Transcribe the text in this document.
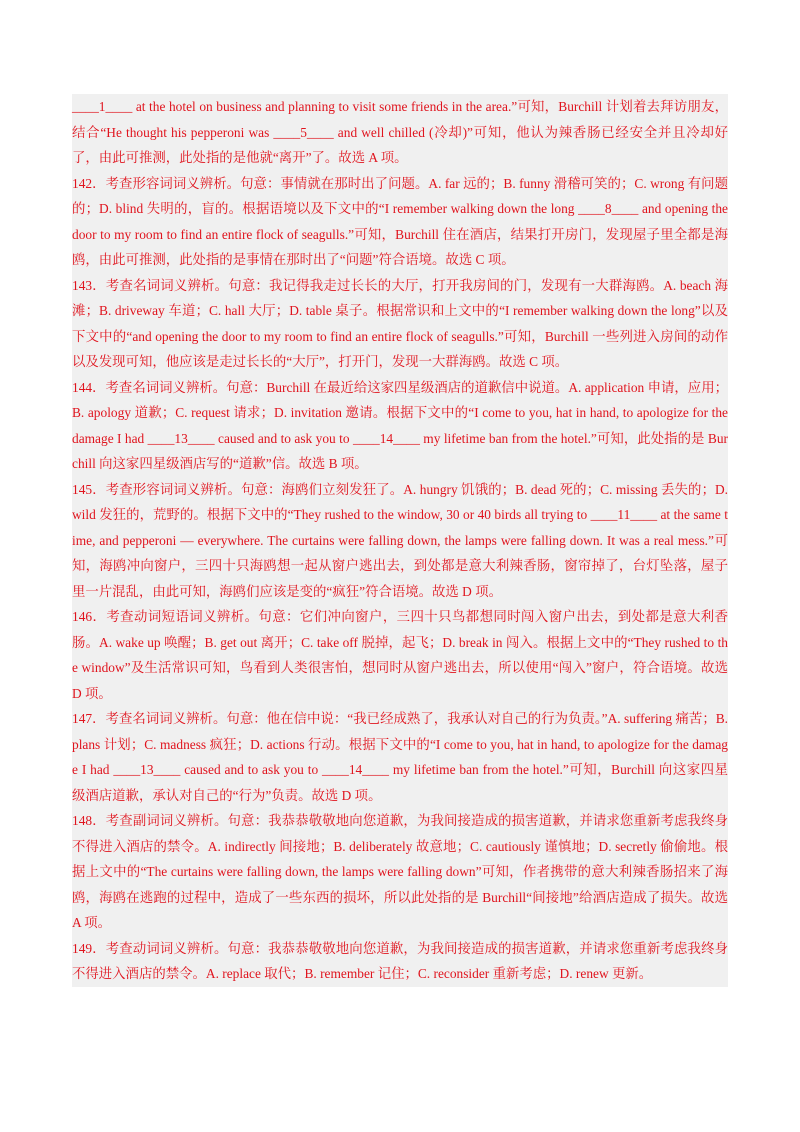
____1____ at the hotel on business and planning to visit some friends in the area.”可知，Burchill 计划着去拜访朋友，结合“He thought his pepperoni was ____5____ and well chilled (冷却)”可知，他认为辣香肠已经安全并且冷却好了，由此可推测，此处指的是他就“离开”了。故选 A 项。

142．考查形容词词义辨析。句意：事情就在那时出了问题。A. far 远的；B. funny 滑稽可笑的；C. wrong 有问题的；D. blind 失明的，盲的。根据语境以及下文中的“I remember walking down the long ____8____ and opening the door to my room to find an entire flock of seagulls.”可知，Burchill 住在酒店，结果打开房门，发现屋子里全都是海鸥，由此可推测，此处指的是事情在那时出了“问题”符合语境。故选 C 项。

143．考查名词词义辨析。句意：我记得我走过长长的大厅，打开我房间的门，发现有一大群海鸥。A. beach 海滩；B. driveway 车道；C. hall 大厅；D. table 桌子。根据常识和上文中的“I remember walking down the long”以及下文中的“and opening the door to my room to find an entire flock of seagulls.”可知，Burchill 一些列进入房间的动作以及发现可知，他应该是走过长长的“大厅”，打开门，发现一大群海鸥。故选 C 项。

144．考查名词词义辨析。句意：Burchill 在最近给这家四星级酒店的道歉信中说道。A. application 申请，应用；B. apology 道歉；C. request 请求；D. invitation 邀请。根据下文中的“I come to you, hat in hand, to apologize for the damage I had ____13____ caused and to ask you to ____14____ my lifetime ban from the hotel.”可知，此处指的是 Burchill 向这家四星级酒店写的“道歉”信。故选 B 项。

145．考查形容词词义辨析。句意：海鸥们立刻发狂了。A. hungry 饥饿的；B. dead 死的；C. missing 丢失的；D. wild 发狂的，荒野的。根据下文中的“They rushed to the window, 30 or 40 birds all trying to ____11____ at the same time, and pepperoni — everywhere. The curtains were falling down, the lamps were falling down. It was a real mess.”可知，海鸥冲向窗户，三四十只海鸥想一起从窗户逃出去，到处都是意大利辣香肠，窗帘掉了，台灯坠落，屋子里一片混乱，由此可知，海鸥们应该是变的“疯狂”符合语境。故选 D 项。

146．考查动词短语词义辨析。句意：它们冲向窗户，三四十只鸟都想同时闯入窗户出去，到处都是意大利香肠。A. wake up 唤醒；B. get out 离开；C. take off 脱掉，起飞；D. break in 闯入。根据上文中的“They rushed to the window”及生活常识可知，鸟看到人类很害怕，想同时从窗户逃出去，所以使用“闯入”窗户，符合语境。故选 D 项。

147．考查名词词义辨析。句意：他在信中说：“我已经成熟了，我承认对自己的行为负责。”A. suffering 痛苦；B. plans 计划；C. madness 疯狂；D. actions 行动。根据下文中的“I come to you, hat in hand, to apologize for the damage I had ____13____ caused and to ask you to ____14____ my lifetime ban from the hotel.”可知，Burchill 向这家四星级酒店道歉，承认对自己的“行为”负责。故选 D 项。

148．考查副词词义辨析。句意：我恭恭敬敬地向您道歉，为我间接造成的损害道歉，并请求您重新考虑我终身不得进入酒店的禁令。A. indirectly 间接地；B. deliberately 故意地；C. cautiously 谨慎地；D. secretly 偷偷地。根据上文中的“The curtains were falling down, the lamps were falling down”可知，作者携带的意大利辣香肠招来了海鸥，海鸥在逃跑的过程中，造成了一些东西的损坏，所以此处指的是 Burchill“间接地”给酒店造成了损失。故选 A 项。

149．考查动词词义辨析。句意：我恭恭敬敬地向您道歉，为我间接造成的损害道歉，并请求您重新考虑我终身不得进入酒店的禁令。A. replace 取代；B. remember 记住；C. reconsider 重新考虑；D. renew 更新。
